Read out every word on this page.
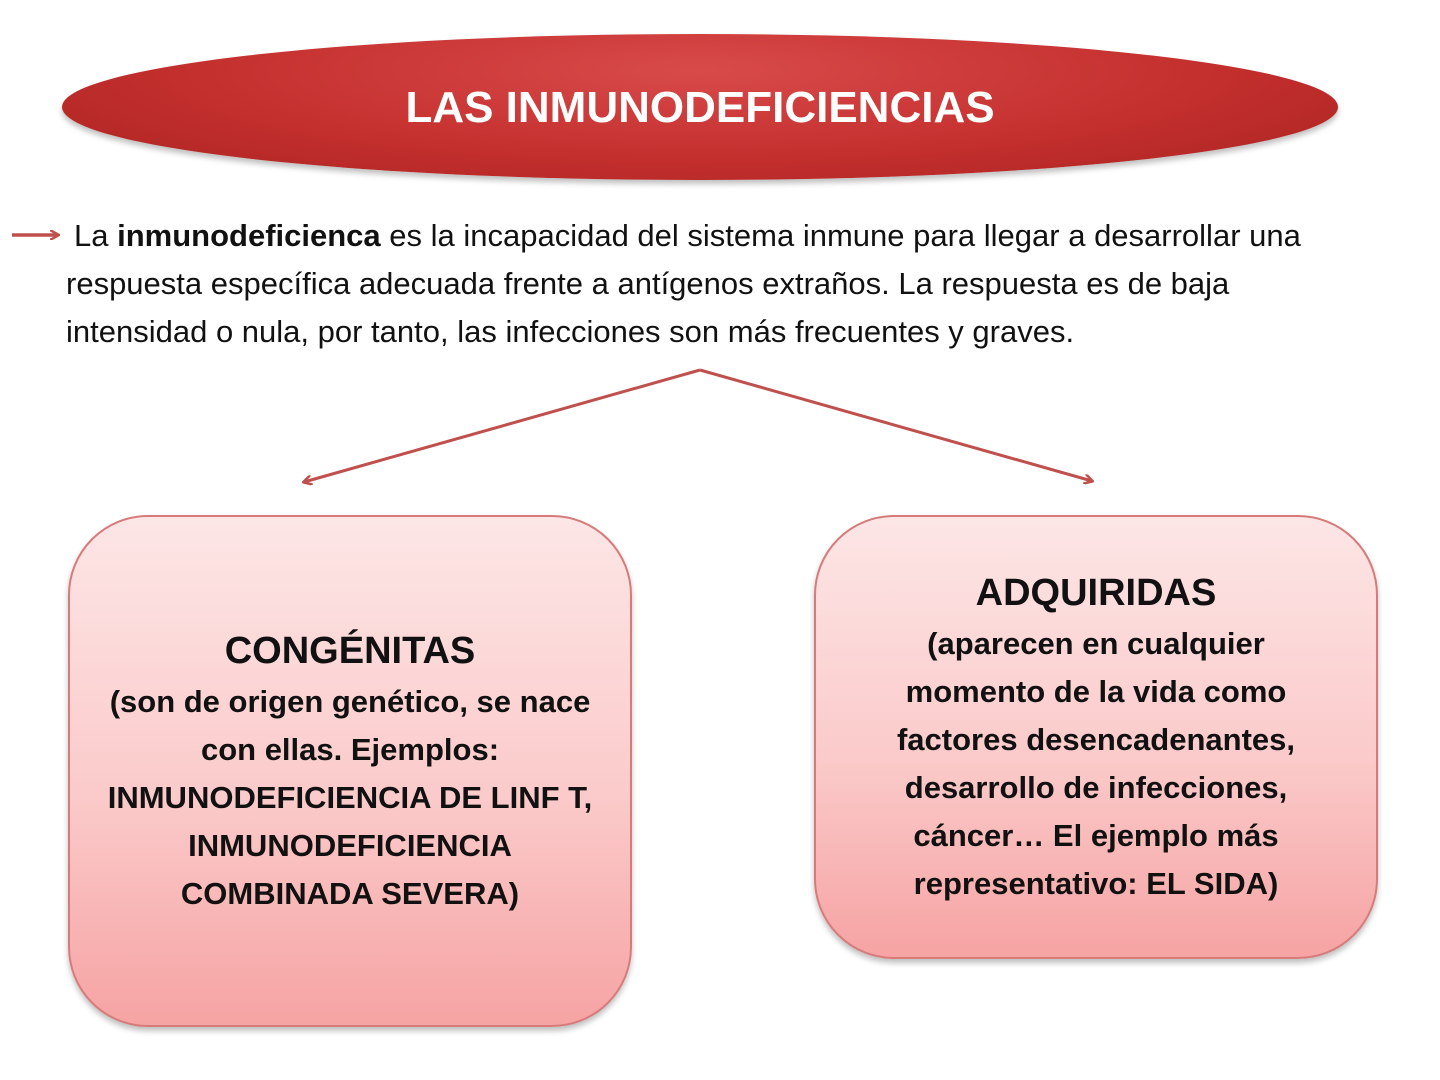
LAS INMUNODEFICIENCIAS
La inmunodeficienca es la incapacidad del sistema inmune para llegar a desarrollar una respuesta específica adecuada frente a antígenos extraños. La respuesta es de baja intensidad o nula, por tanto, las infecciones son más frecuentes y graves.
CONGÉNITAS
(son de origen genético, se nace con ellas. Ejemplos: INMUNODEFICIENCIA DE LINF T, INMUNODEFICIENCIA COMBINADA SEVERA)
ADQUIRIDAS
(aparecen en cualquier momento de la vida como factores desencadenantes, desarrollo de infecciones, cáncer… El ejemplo más representativo: EL SIDA)
